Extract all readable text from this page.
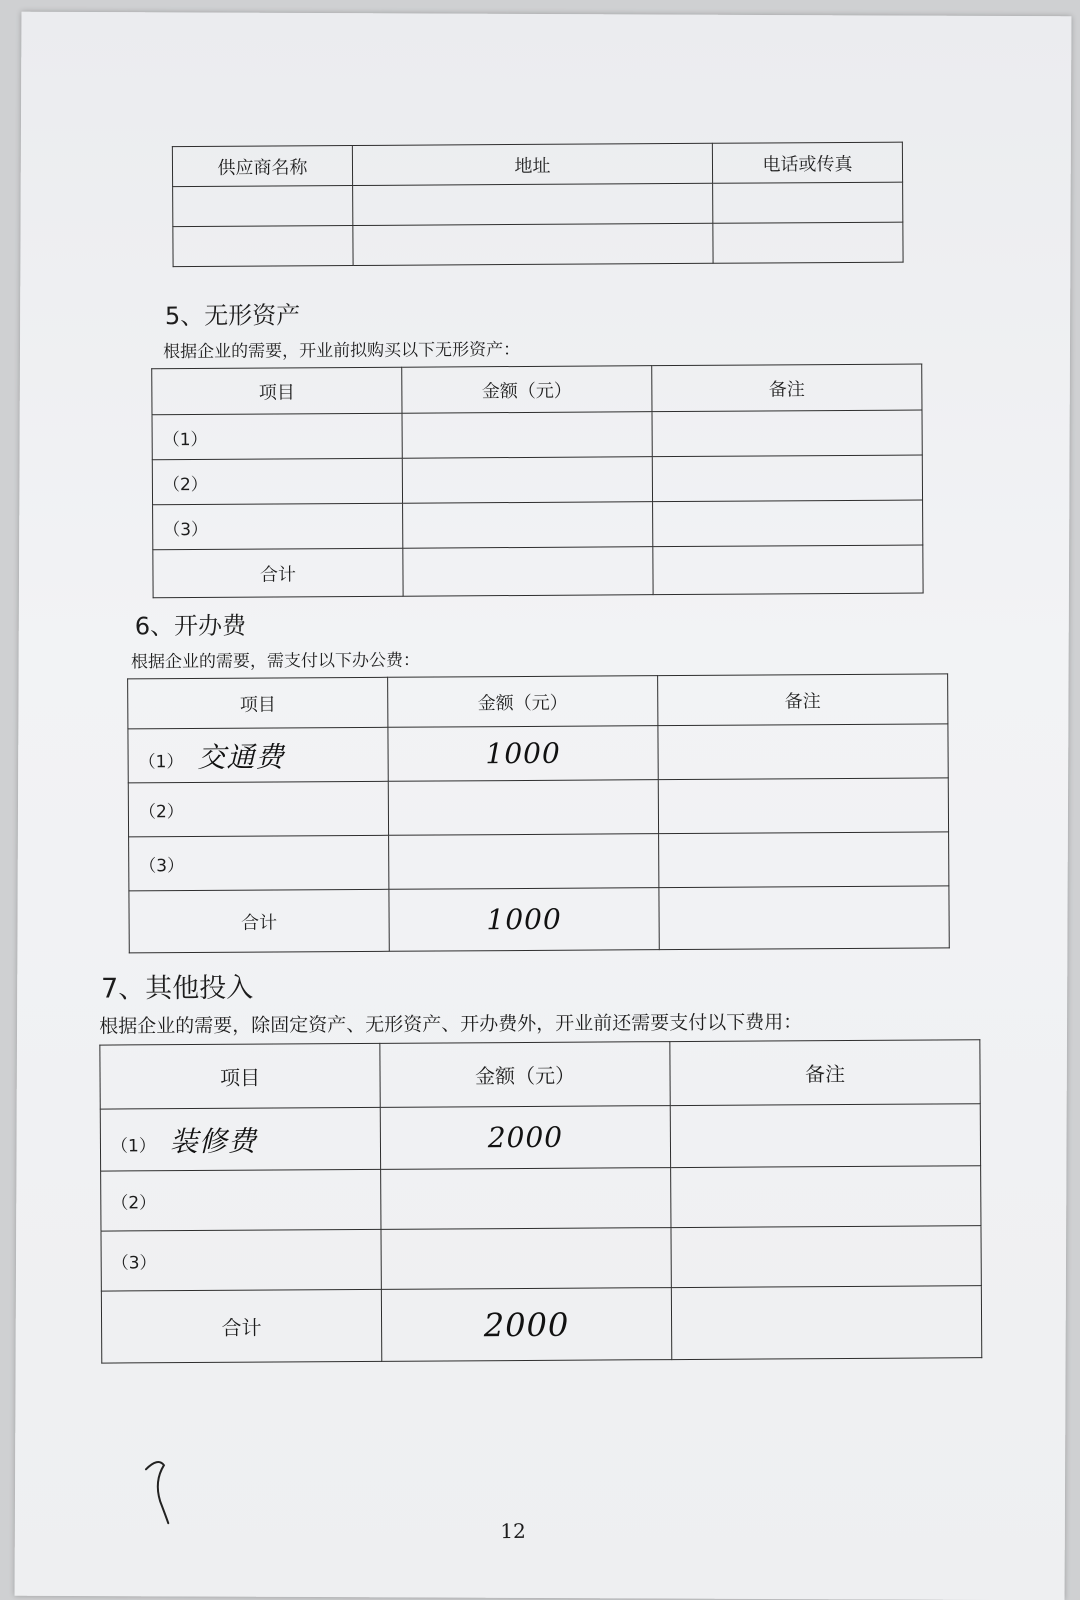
供应商名称	地址	电话或传真

5、无形资产
根据企业的需要，开业前拟购买以下无形资产：
项目	金额（元）	备注
（1）		
（2）		
（3）		
合计		
6、开办费
根据企业的需要，需支付以下办公费：
项目	金额（元）	备注
（1） 交通费	1000	
（2）		
（3）		
合计	1000	
7、其他投入
根据企业的需要，除固定资产、无形资产、开办费外，开业前还需要支付以下费用：
项目	金额（元）	备注
（1） 装修费	2000	
（2）		
（3）		
合计	2000	
12
